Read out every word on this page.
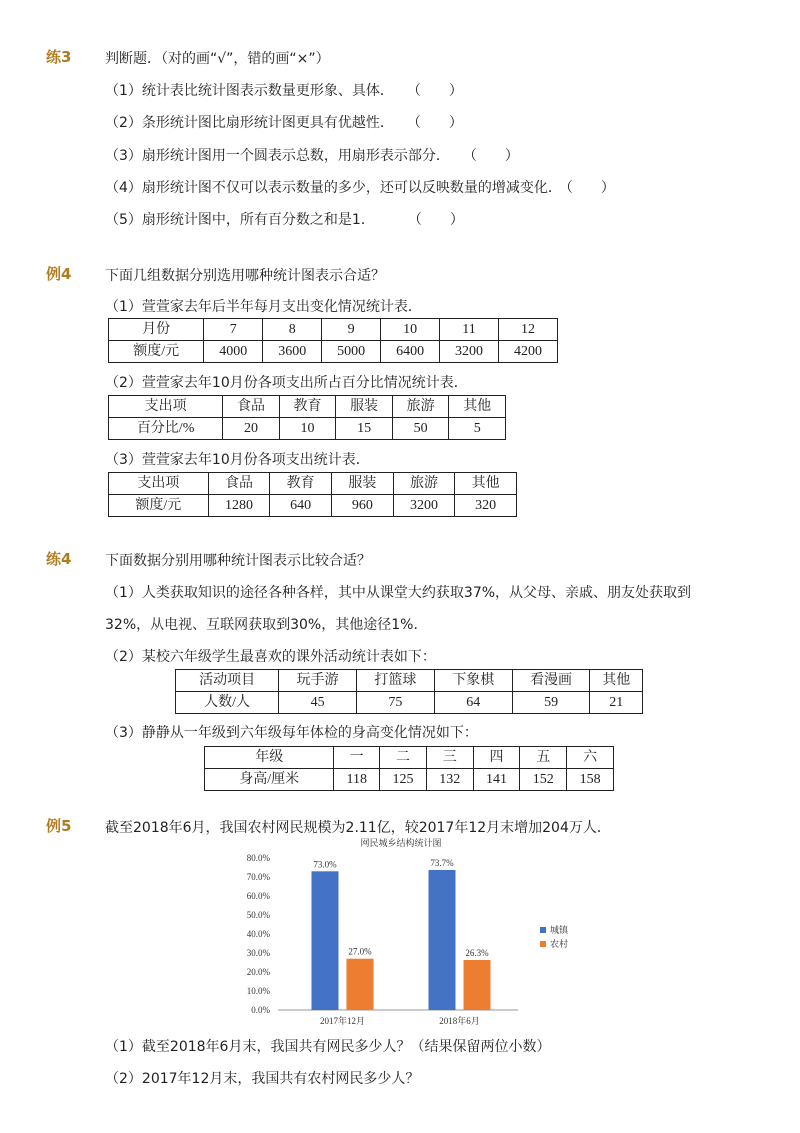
练3 判断题．（对的画“√”，错的画“×”）
（1）统计表比统计图表示数量更形象、具体． （　　）
（2）条形统计图比扇形统计图更具有优越性． （　　）
（3）扇形统计图用一个圆表示总数，用扇形表示部分． （　　）
（4）扇形统计图不仅可以表示数量的多少，还可以反映数量的增减变化． （　　）
（5）扇形统计图中，所有百分数之和是1．	（　　）
例4 下面几组数据分别选用哪种统计图表示合适？
（1）萱萱家去年后半年每月支出变化情况统计表．
月份	7	8	9	10	11	12
额度/元	4000	3600	5000	6400	3200	4200
（2）萱萱家去年10月份各项支出所占百分比情况统计表．
支出项	食品	教育	服装	旅游	其他
百分比/%	20	10	15	50	5
（3）萱萱家去年10月份各项支出统计表．
支出项	食品	教育	服装	旅游	其他
额度/元	1280	640	960	3200	320
练4 下面数据分别用哪种统计图表示比较合适？
（1）人类获取知识的途径各种各样，其中从课堂大约获取37%，从父母、亲戚、朋友处获取到
32%，从电视、互联网获取到30%，其他途径1%．
（2）某校六年级学生最喜欢的课外活动统计表如下：
活动项目	玩手游	打篮球	下象棋	看漫画	其他
人数/人	45	75	64	59	21
（3）静静从一年级到六年级每年体检的身高变化情况如下：
年级	一	二	三	四	五	六
身高/厘米	118	125	132	141	152	158
例5 截至2018年6月，我国农村网民规模为2.11亿，较2017年12月末增加204万人．
网民城乡结构统计图
0.0%
10.0%
20.0%
30.0%
40.0%
50.0%
60.0%
70.0%
80.0%
73.0%
27.0%
2017年12月
73.7%
26.3%
2018年6月
城镇
农村
（1）截至2018年6月末，我国共有网民多少人？（结果保留两位小数）
（2）2017年12月末，我国共有农村网民多少人？
